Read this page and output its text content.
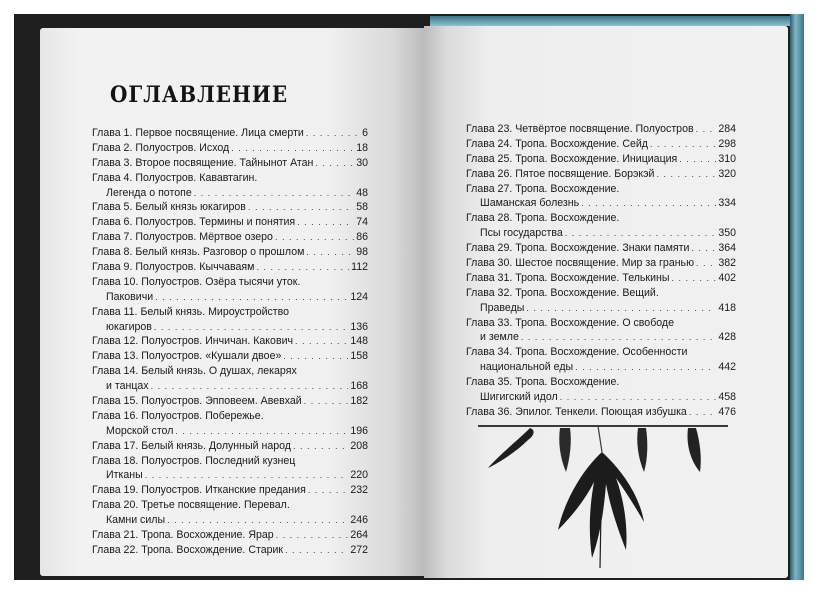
ОГЛАВЛЕНИЕ
Глава 1. Первое посвящение. Лица смерти . . .	6
Глава 2. Полуостров. Исход . . .	18
Глава 3. Второе посвящение. Тайнынот Атан . . .	30
Глава 4. Полуостров. Кававтагин.
Легенда о потопе . . .	48
Глава 5. Белый князь юкагиров . . .	58
Глава 6. Полуостров. Термины и понятия . . .	74
Глава 7. Полуостров. Мёртвое озеро . . .	86
Глава 8. Белый князь. Разговор о прошлом . . .	98
Глава 9. Полуостров. Кыччаваям . . .	112
Глава 10. Полуостров. Озёра тысячи уток.
Паковичи . . .	124
Глава 11. Белый князь. Мироустройство
юкагиров . . .	136
Глава 12. Полуостров. Инчичан. Какович . . .	148
Глава 13. Полуостров. «Кушали двое» . . .	158
Глава 14. Белый князь. О душах, лекарях
и танцах . . .	168
Глава 15. Полуостров. Эпповеем. Авевхай . . .	182
Глава 16. Полуостров. Побережье.
Морской стол . . .	196
Глава 17. Белый князь. Долунный народ . . .	208
Глава 18. Полуостров. Последний кузнец
Итканы . . .	220
Глава 19. Полуостров. Итканские предания . . .	232
Глава 20. Третье посвящение. Перевал.
Камни силы . . .	246
Глава 21. Тропа. Восхождение. Ярар . . .	264
Глава 22. Тропа. Восхождение. Старик . . .	272
Глава 23. Четвёртое посвящение. Полуостров . . . 284
Глава 24. Тропа. Восхождение. Сейд . . .	298
Глава 25. Тропа. Восхождение. Инициация . . .	310
Глава 26. Пятое посвящение. Борэкэй . . .	320
Глава 27. Тропа. Восхождение.
Шаманская болезнь . . .	334
Глава 28. Тропа. Восхождение.
Псы государства . . .	350
Глава 29. Тропа. Восхождение. Знаки памяти . . .	364
Глава 30. Шестое посвящение. Мир за гранью . . . 382
Глава 31. Тропа. Восхождение. Телькины . . .	402
Глава 32. Тропа. Восхождение. Вещий.
Праведы . . .	418
Глава 33. Тропа. Восхождение. О свободе
и земле . . .	428
Глава 34. Тропа. Восхождение. Особенности
национальной еды . . .	442
Глава 35. Тропа. Восхождение.
Шигигский идол . . .	458
Глава 36. Эпилог. Тенкели. Поющая избушка . . .	476
